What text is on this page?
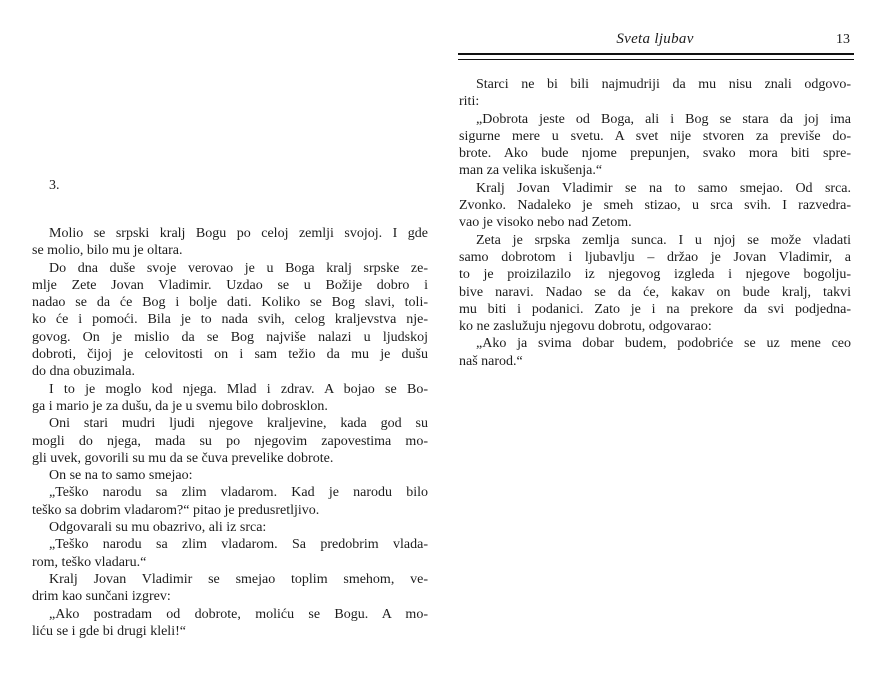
Sveta ljubav	13
3.
Molio se srpski kralj Bogu po celoj zemlji svojoj. I gde
se molio, bilo mu je oltara.
Do dna duše svoje verovao je u Boga kralj srpske ze-
mlje Zete Jovan Vladimir. Uzdao se u Božije dobro i
nadao se da će Bog i bolje dati. Koliko se Bog slavi, toli-
ko će i pomoći. Bila je to nada svih, celog kraljevstva nje-
govog. On je mislio da se Bog najviše nalazi u ljudskoj
dobroti, čijoj je celovitosti on i sam težio da mu je dušu
do dna obuzimala.
I to je moglo kod njega. Mlad i zdrav. A bojao se Bo-
ga i mario je za dušu, da je u svemu bilo dobrosklon.
Oni stari mudri ljudi njegove kraljevine, kada god su
mogli do njega, mada su po njegovim zapovestima mo-
gli uvek, govorili su mu da se čuva prevelike dobrote.
On se na to samo smejao:
„Teško narodu sa zlim vladarom. Kad je narodu bilo
teško sa dobrim vladarom?“ pitao je predusretljivo.
Odgovarali su mu obazrivo, ali iz srca:
„Teško narodu sa zlim vladarom. Sa predobrim vlada-
rom, teško vladaru.“
Kralj Jovan Vladimir se smejao toplim smehom, ve-
drim kao sunčani izgrev:
„Ako postradam od dobrote, moliću se Bogu. A mo-
liću se i gde bi drugi kleli!“
Starci ne bi bili najmudriji da mu nisu znali odgovo-
riti:
„Dobrota jeste od Boga, ali i Bog se stara da joj ima
sigurne mere u svetu. A svet nije stvoren za previše do-
brote. Ako bude njome prepunjen, svako mora biti spre-
man za velika iskušenja.“
Kralj Jovan Vladimir se na to samo smejao. Od srca.
Zvonko. Nadaleko je smeh stizao, u srca svih. I razvedra-
vao je visoko nebo nad Zetom.
Zeta je srpska zemlja sunca. I u njoj se može vladati
samo dobrotom i ljubavlju – držao je Jovan Vladimir, a
to je proizilazilo iz njegovog izgleda i njegove bogolju-
bive naravi. Nadao se da će, kakav on bude kralj, takvi
mu biti i podanici. Zato je i na prekore da svi podjedna-
ko ne zaslužuju njegovu dobrotu, odgovarao:
„Ako ja svima dobar budem, podobriće se uz mene ceo
naš narod.“
